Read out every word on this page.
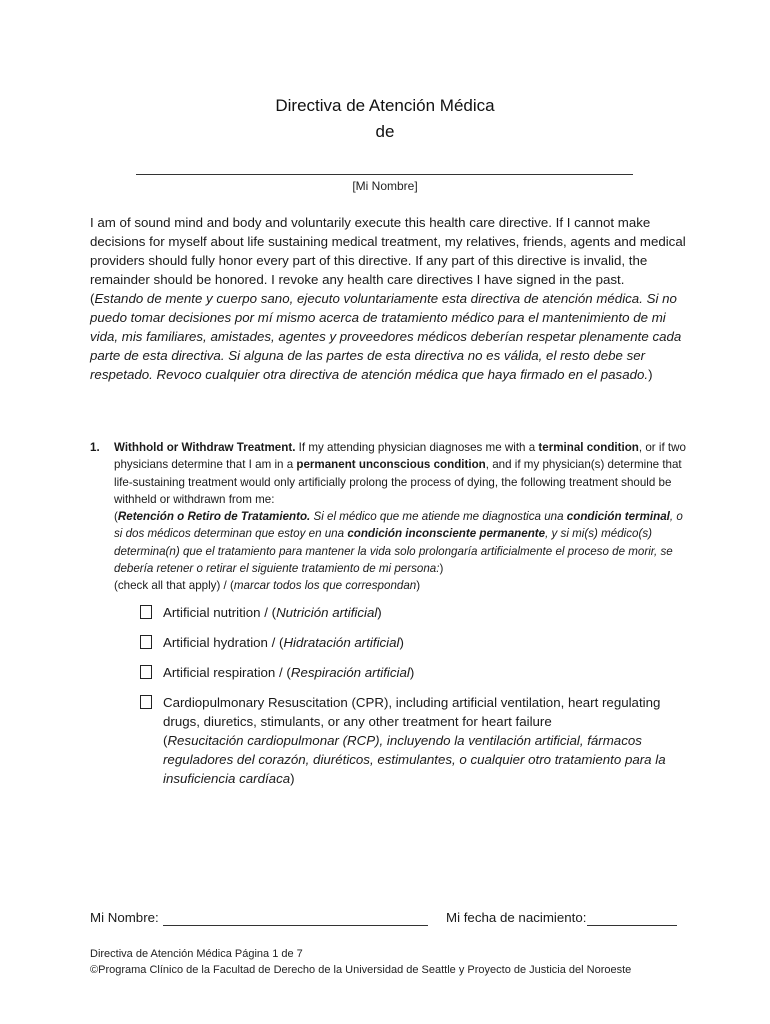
Directiva de Atención Médica
de
[Mi Nombre]

I am of sound mind and body and voluntarily execute this health care directive. If I cannot make decisions for myself about life sustaining medical treatment, my relatives, friends, agents and medical providers should fully honor every part of this directive. If any part of this directive is invalid, the remainder should be honored. I revoke any health care directives I have signed in the past.

(Estando de mente y cuerpo sano, ejecuto voluntariamente esta directiva de atención médica. Si no puedo tomar decisiones por mí mismo acerca de tratamiento médico para el mantenimiento de mi vida, mis familiares, amistades, agentes y proveedores médicos deberían respetar plenamente cada parte de esta directiva. Si alguna de las partes de esta directiva no es válida, el resto debe ser respetado. Revoco cualquier otra directiva de atención médica que haya firmado en el pasado.)

1. Withhold or Withdraw Treatment. If my attending physician diagnoses me with a terminal condition, or if two physicians determine that I am in a permanent unconscious condition, and if my physician(s) determine that life-sustaining treatment would only artificially prolong the process of dying, the following treatment should be withheld or withdrawn from me:
(Retención o Retiro de Tratamiento. Si el médico que me atiende me diagnostica una condición terminal, o si dos médicos determinan que estoy en una condición inconsciente permanente, y si mi(s) médico(s) determina(n) que el tratamiento para mantener la vida solo prolongaría artificialmente el proceso de morir, se debería retener o retirar el siguiente tratamiento de mi persona:)
(check all that apply) / (marcar todos los que correspondan)
Artificial nutrition / (Nutrición artificial)
Artificial hydration / (Hidratación artificial)
Artificial respiration / (Respiración artificial)
Cardiopulmonary Resuscitation (CPR), including artificial ventilation, heart regulating drugs, diuretics, stimulants, or any other treatment for heart failure
(Resucitación cardiopulmonar (RCP), incluyendo la ventilación artificial, fármacos reguladores del corazón, diuréticos, estimulantes, o cualquier otro tratamiento para la insuficiencia cardíaca)
Mi Nombre:	Mi fecha de nacimiento:
Directiva de Atención Médica Página 1 de 7
©Programa Clínico de la Facultad de Derecho de la Universidad de Seattle y Proyecto de Justicia del Noroeste
